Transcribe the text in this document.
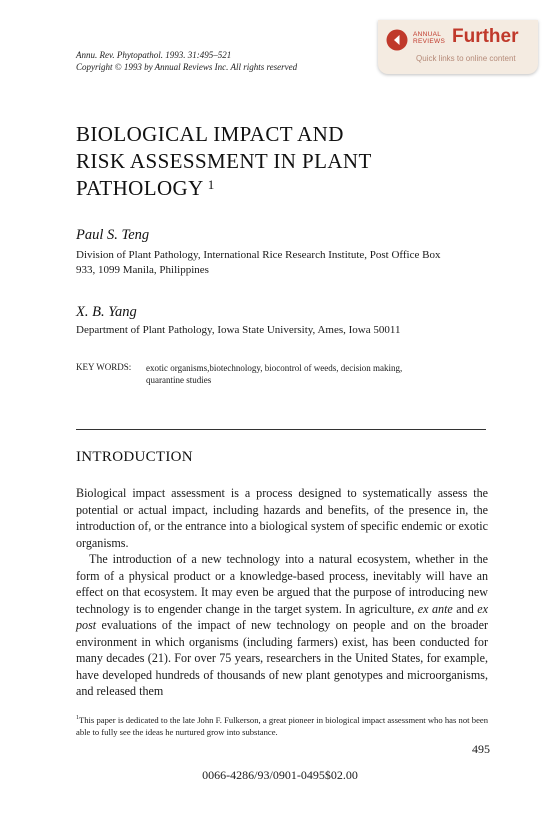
Annu. Rev. Phytopathol. 1993. 31:495–521
Copyright © 1993 by Annual Reviews Inc. All rights reserved
ANNUAL
REVIEWS Further
Quick links to online content
BIOLOGICAL IMPACT AND
RISK ASSESSMENT IN PLANT
PATHOLOGY $^1$
Paul S. Teng
Division of Plant Pathology, International Rice Research Institute, Post Office Box
933, 1099 Manila, Philippines
X. B. Yang
Department of Plant Pathology, Iowa State University, Ames, Iowa 50011
KEY WORDS: exotic organisms,biotechnology, biocontrol of weeds, decision making,
quarantine studies
INTRODUCTION

Biological impact assessment is a process designed to systematically assess the potential or actual impact, including hazards and benefits, of the presence in, the introduction of, or the entrance into a biological system of specific endemic or exotic organisms.

The introduction of a new technology into a natural ecosystem, whether in the form of a physical product or a knowledge-based process, inevitably will have an effect on that ecosystem. It may even be argued that the purpose of introducing new technology is to engender change in the target system. In agriculture, ex ante and ex post evaluations of the impact of new technology on people and on the broader environment in which organisms (including farmers) exist, has been conducted for many decades (21). For over 75 years, researchers in the United States, for example, have developed hundreds of thousands of new plant genotypes and microorganisms, and released them

$^1$This paper is dedicated to the late John F. Fulkerson, a great pioneer in biological impact assessment who has not been able to fully see the ideas he nurtured grow into substance.
495
0066-4286/93/0901-0495$02.00
